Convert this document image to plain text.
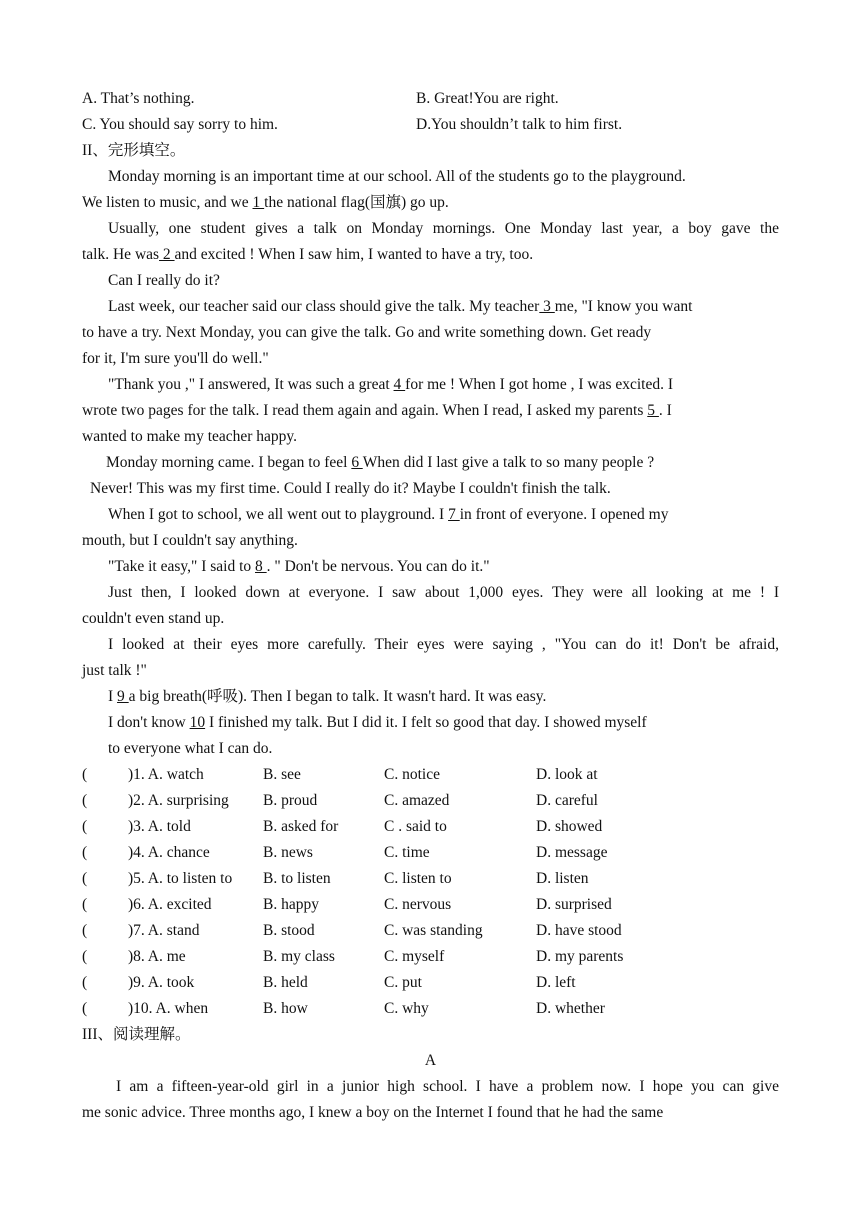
A. That’s nothing.	B. Great!You are right.
C. You should say sorry to him.	D.You shouldn’t talk to him first.
II、完形填空。
Monday morning is an important time at our school. All of the students go to the playground.
We listen to music, and we 1 the national flag(国旗) go up.
Usually, one student gives a talk on Monday mornings. One Monday last year, a boy gave the
talk. He was 2 and excited ! When I saw him, I wanted to have a try, too.
Can I really do it?
Last week, our teacher said our class should give the talk. My teacher 3 me, "I know you want
to have a try. Next Monday, you can give the talk. Go and write something down. Get ready
for it, I'm sure you'll do well."
"Thank you ," I answered, It was such a great 4 for me ! When I got home , I was excited. I
wrote two pages for the talk. I read them again and again. When I read, I asked my parents 5 . I
wanted to make my teacher happy.
Monday morning came. I began to feel 6 When did I last give a talk to so many people ?
Never! This was my first time. Could I really do it? Maybe I couldn't finish the talk.
When I got to school, we all went out to playground. I 7 in front of everyone. I opened my
mouth, but I couldn't say anything.
"Take it easy," I said to 8 . " Don't be nervous. You can do it."
Just then, I looked down at everyone. I saw about 1,000 eyes. They were all looking at me ! I
couldn't even stand up.
I looked at their eyes more carefully. Their eyes were saying , "You can do it! Don't be afraid,
just talk !"
I 9 a big breath(呼吸). Then I began to talk. It wasn't hard. It was easy.
I don't know 10 I finished my talk. But I did it. I felt so good that day. I showed myself
to everyone what I can do.
(	)1. A. watch	B. see	C. notice	D. look at
(	)2. A. surprising	B. proud	C. amazed	D. careful
(	)3. A. told	B. asked for	C . said to	D. showed
(	)4. A. chance	B. news	C. time	D. message
(	)5. A. to listen to	B. to listen	C. listen to	D. listen
(	)6. A. excited	B. happy	C. nervous	D. surprised
(	)7. A. stand	B. stood	C. was standing	D. have stood
(	)8. A. me	B. my class	C. myself	D. my parents
(	)9. A. took	B. held	C. put	D. left
(	)10. A. when	B. how	C. why	D. whether
III、阅读理解。
A
I am a fifteen-year-old girl in a junior high school. I have a problem now. I hope you can give
me sonic advice. Three months ago, I knew a boy on the Internet I found that he had the same
